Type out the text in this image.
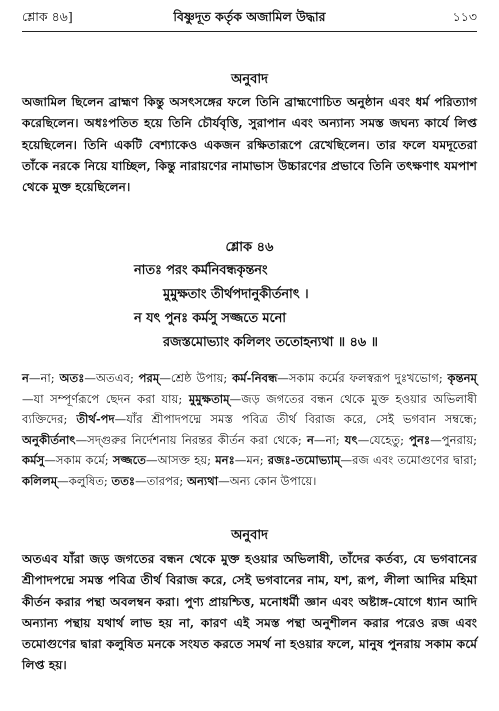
শ্লোক ৪৬]	বিষ্ণুদূত কর্তৃক অজামিল উদ্ধার	১১৩
অনুবাদ
অজামিল ছিলেন ব্রাহ্মণ কিন্তু অসৎসঙ্গের ফলে তিনি ব্রাহ্মণোচিত অনুষ্ঠান এবং ধর্ম পরিত্যাগ করেছিলেন। অধঃপতিত হয়ে তিনি চৌর্যবৃত্তি, সুরাপান এবং অন্যান্য সমস্ত জঘন্য কার্যে লিপ্ত হয়েছিলেন। তিনি একটি বেশ্যাকেও একজন রক্ষিতারূপে রেখেছিলেন। তার ফলে যমদূতেরা তাঁকে নরকে নিয়ে যাচ্ছিল, কিন্তু নারায়ণের নামাভাস উচ্চারণের প্রভাবে তিনি তৎক্ষণাৎ যমপাশ থেকে মুক্ত হয়েছিলেন।
শ্লোক ৪৬
নাতঃ পরং কর্মনিবন্ধকৃন্তনং
মুমুক্ষতাং তীর্থপদানুকীর্তনাৎ ।
ন যৎ পুনঃ কর্মসু সজ্জতে মনো
রজস্তমোভ্যাং কলিলং ততোহন্যথা ॥ ৪৬ ॥
ন—না; অতঃ—অতএব; পরম্—শ্রেষ্ঠ উপায়; কর্ম-নিবন্ধ—সকাম কর্মের ফলস্বরূপ দুঃখভোগ; কৃন্তনম্—যা সম্পূর্ণরূপে ছেদন করা যায়; মুমুক্ষতাম্—জড় জগতের বন্ধন থেকে মুক্ত হওয়ার অভিলাষী ব্যক্তিদের; তীর্থ-পদ—যাঁর শ্রীপাদপদ্মে সমস্ত পবিত্র তীর্থ বিরাজ করে, সেই ভগবান সম্বন্ধে; অনুকীর্তনাৎ—সদ্গুরুর নির্দেশনায় নিরন্তর কীর্তন করা থেকে; ন—না; যৎ—যেহেতু; পুনঃ—পুনরায়; কর্মসু—সকাম কর্মে; সজ্জতে—আসক্ত হয়; মনঃ—মন; রজঃ-তমোভ্যাম্—রজ এবং তমোগুণের দ্বারা; কলিলম্—কলুষিত; ততঃ—তারপর; অন্যথা—অন্য কোন উপায়ে।
অনুবাদ
অতএব যাঁরা জড় জগতের বন্ধন থেকে মুক্ত হওয়ার অভিলাষী, তাঁদের কর্তব্য, যে ভগবানের শ্রীপাদপদ্মে সমস্ত পবিত্র তীর্থ বিরাজ করে, সেই ভগবানের নাম, যশ, রূপ, লীলা আদির মহিমা কীর্তন করার পন্থা অবলম্বন করা। পুণ্য প্রায়শ্চিত্ত, মনোধর্মী জ্ঞান এবং অষ্টাঙ্গ-যোগে ধ্যান আদি অন্যান্য পন্থায় যথার্থ লাভ হয় না, কারণ এই সমস্ত পন্থা অনুশীলন করার পরেও রজ এবং তমোগুণের দ্বারা কলুষিত মনকে সংযত করতে সমর্থ না হওয়ার ফলে, মানুষ পুনরায় সকাম কর্মে লিপ্ত হয়।
